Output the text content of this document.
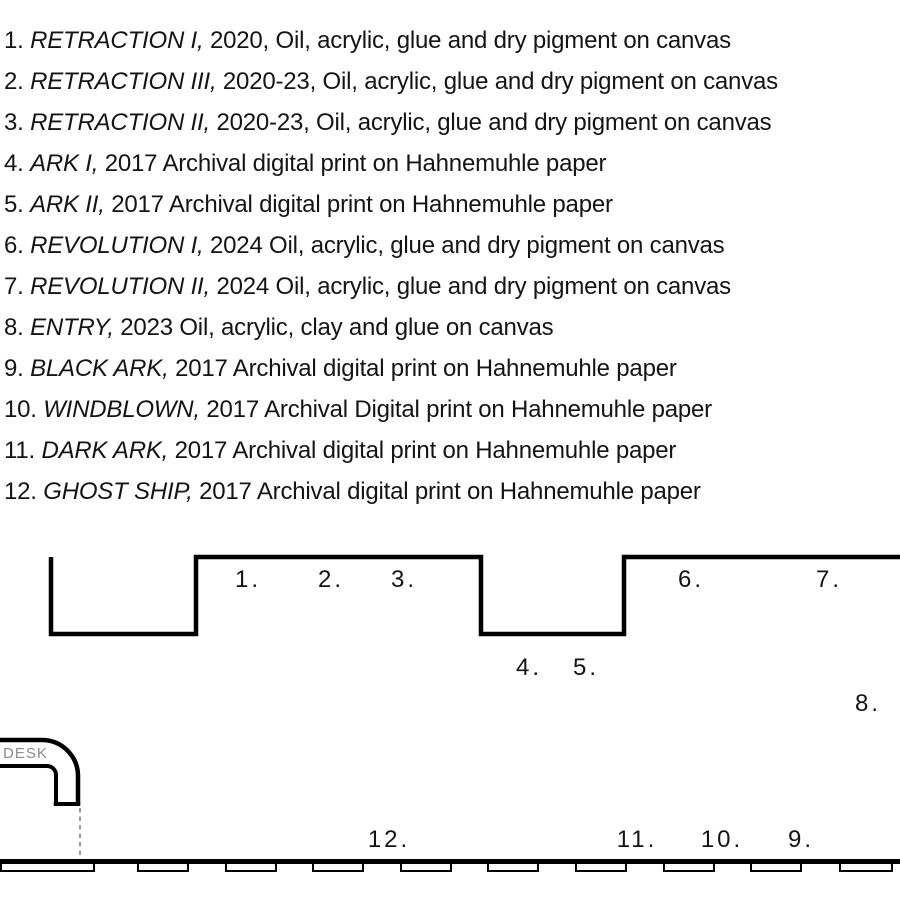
1. RETRACTION I, 2020, Oil, acrylic, glue and dry pigment on canvas
2. RETRACTION III, 2020-23, Oil, acrylic, glue and dry pigment on canvas
3. RETRACTION II, 2020-23, Oil, acrylic, glue and dry pigment on canvas
4. ARK I, 2017 Archival digital print on Hahnemuhle paper
5. ARK II, 2017 Archival digital print on Hahnemuhle paper
6. REVOLUTION I, 2024 Oil, acrylic, glue and dry pigment on canvas
7. REVOLUTION II, 2024 Oil, acrylic, glue and dry pigment on canvas
8. ENTRY, 2023 Oil, acrylic, clay and glue on canvas
9. BLACK ARK, 2017 Archival digital print on Hahnemuhle paper
10. WINDBLOWN, 2017 Archival Digital print on Hahnemuhle paper
11. DARK ARK, 2017 Archival digital print on Hahnemuhle paper
12. GHOST SHIP, 2017 Archival digital print on Hahnemuhle paper
1. 2. 3.
4. 5.
6.	7.
8.
9.
10.
11.
12.
DESK
